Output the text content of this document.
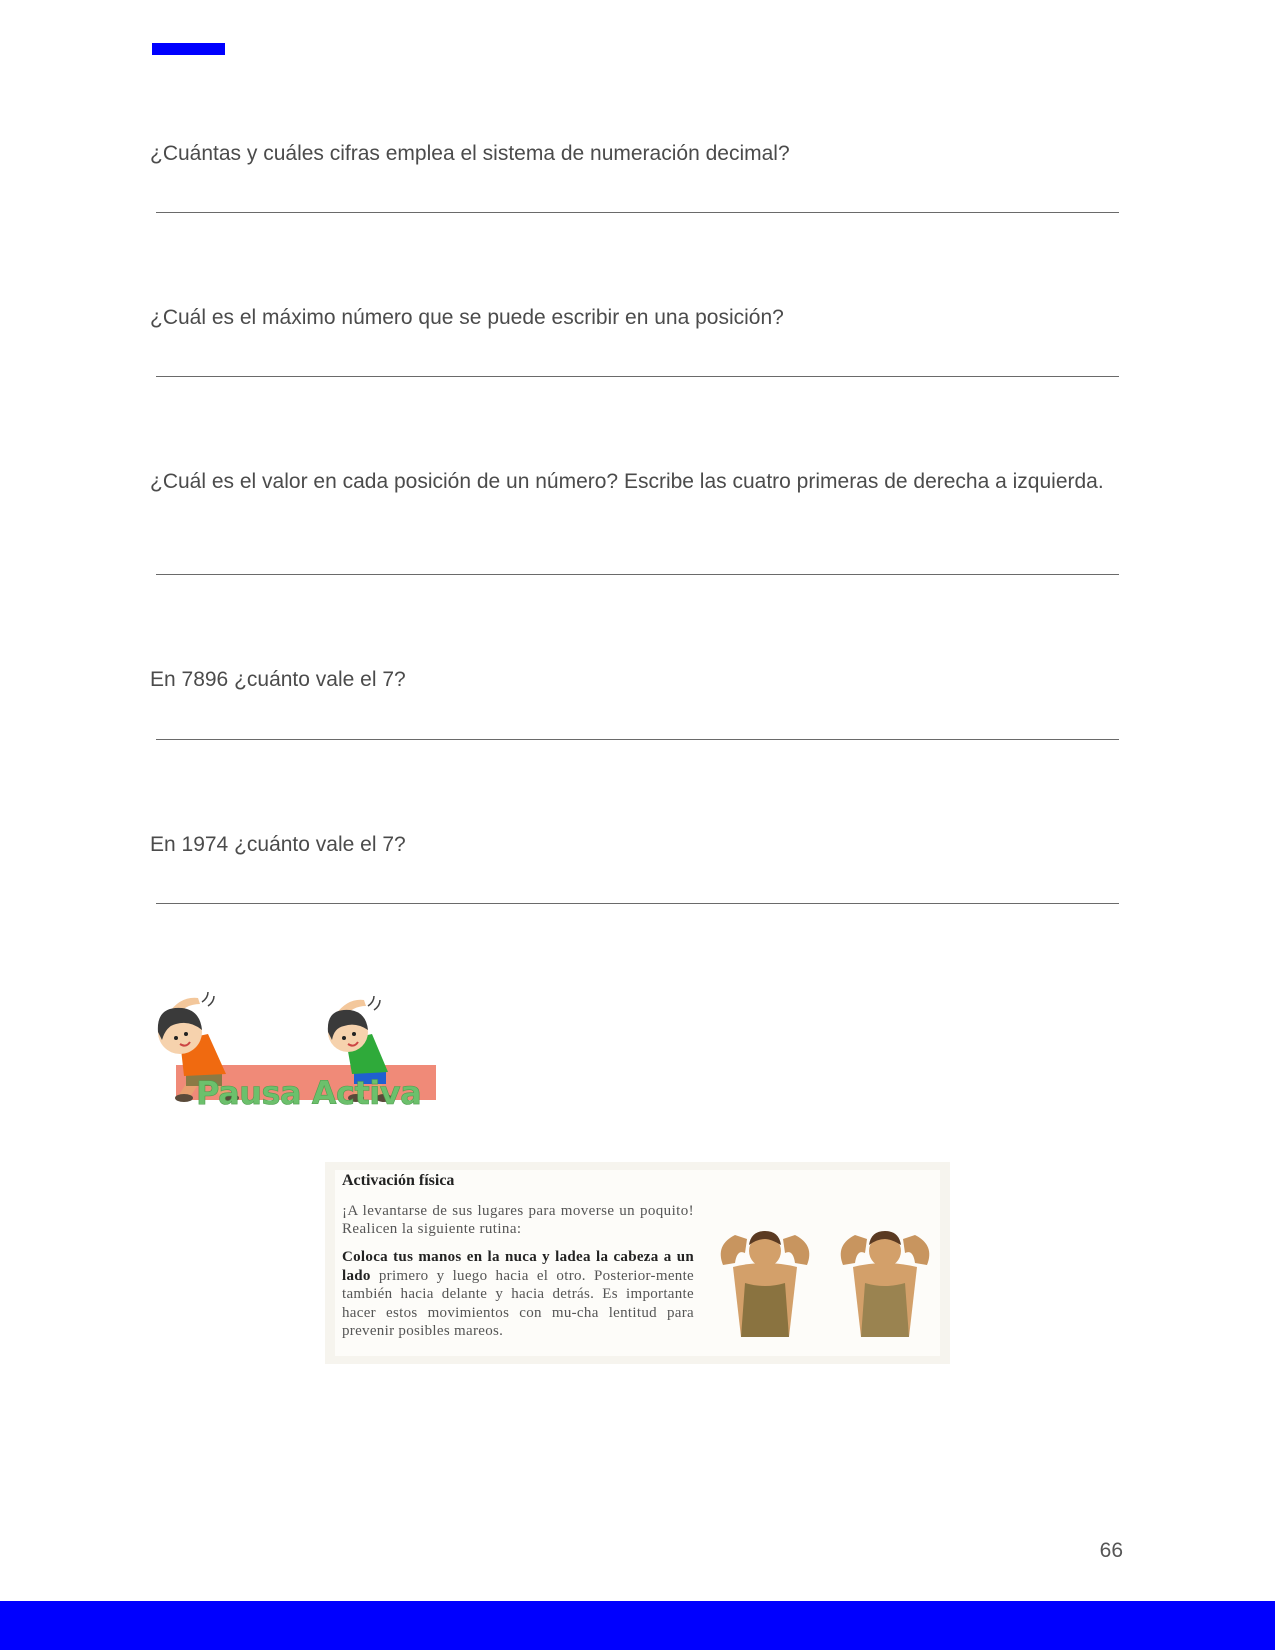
¿Cuántas y cuáles cifras emplea el sistema de numeración decimal?
¿Cuál es el máximo número que se puede escribir en una posición?
¿Cuál es el valor en cada posición de un número? Escribe las cuatro primeras de derecha a izquierda.
En 7896 ¿cuánto vale el 7?
En 1974 ¿cuánto vale el 7?
Pausa Activa
Activación física
¡A levantarse de sus lugares para moverse un poquito! Realicen la siguiente rutina:
Coloca tus manos en la nuca y ladea la cabeza a un lado primero y luego hacia el otro. Posterior-mente también hacia delante y hacia detrás. Es importante hacer estos movimientos con mu-cha lentitud para prevenir posibles mareos.
66
